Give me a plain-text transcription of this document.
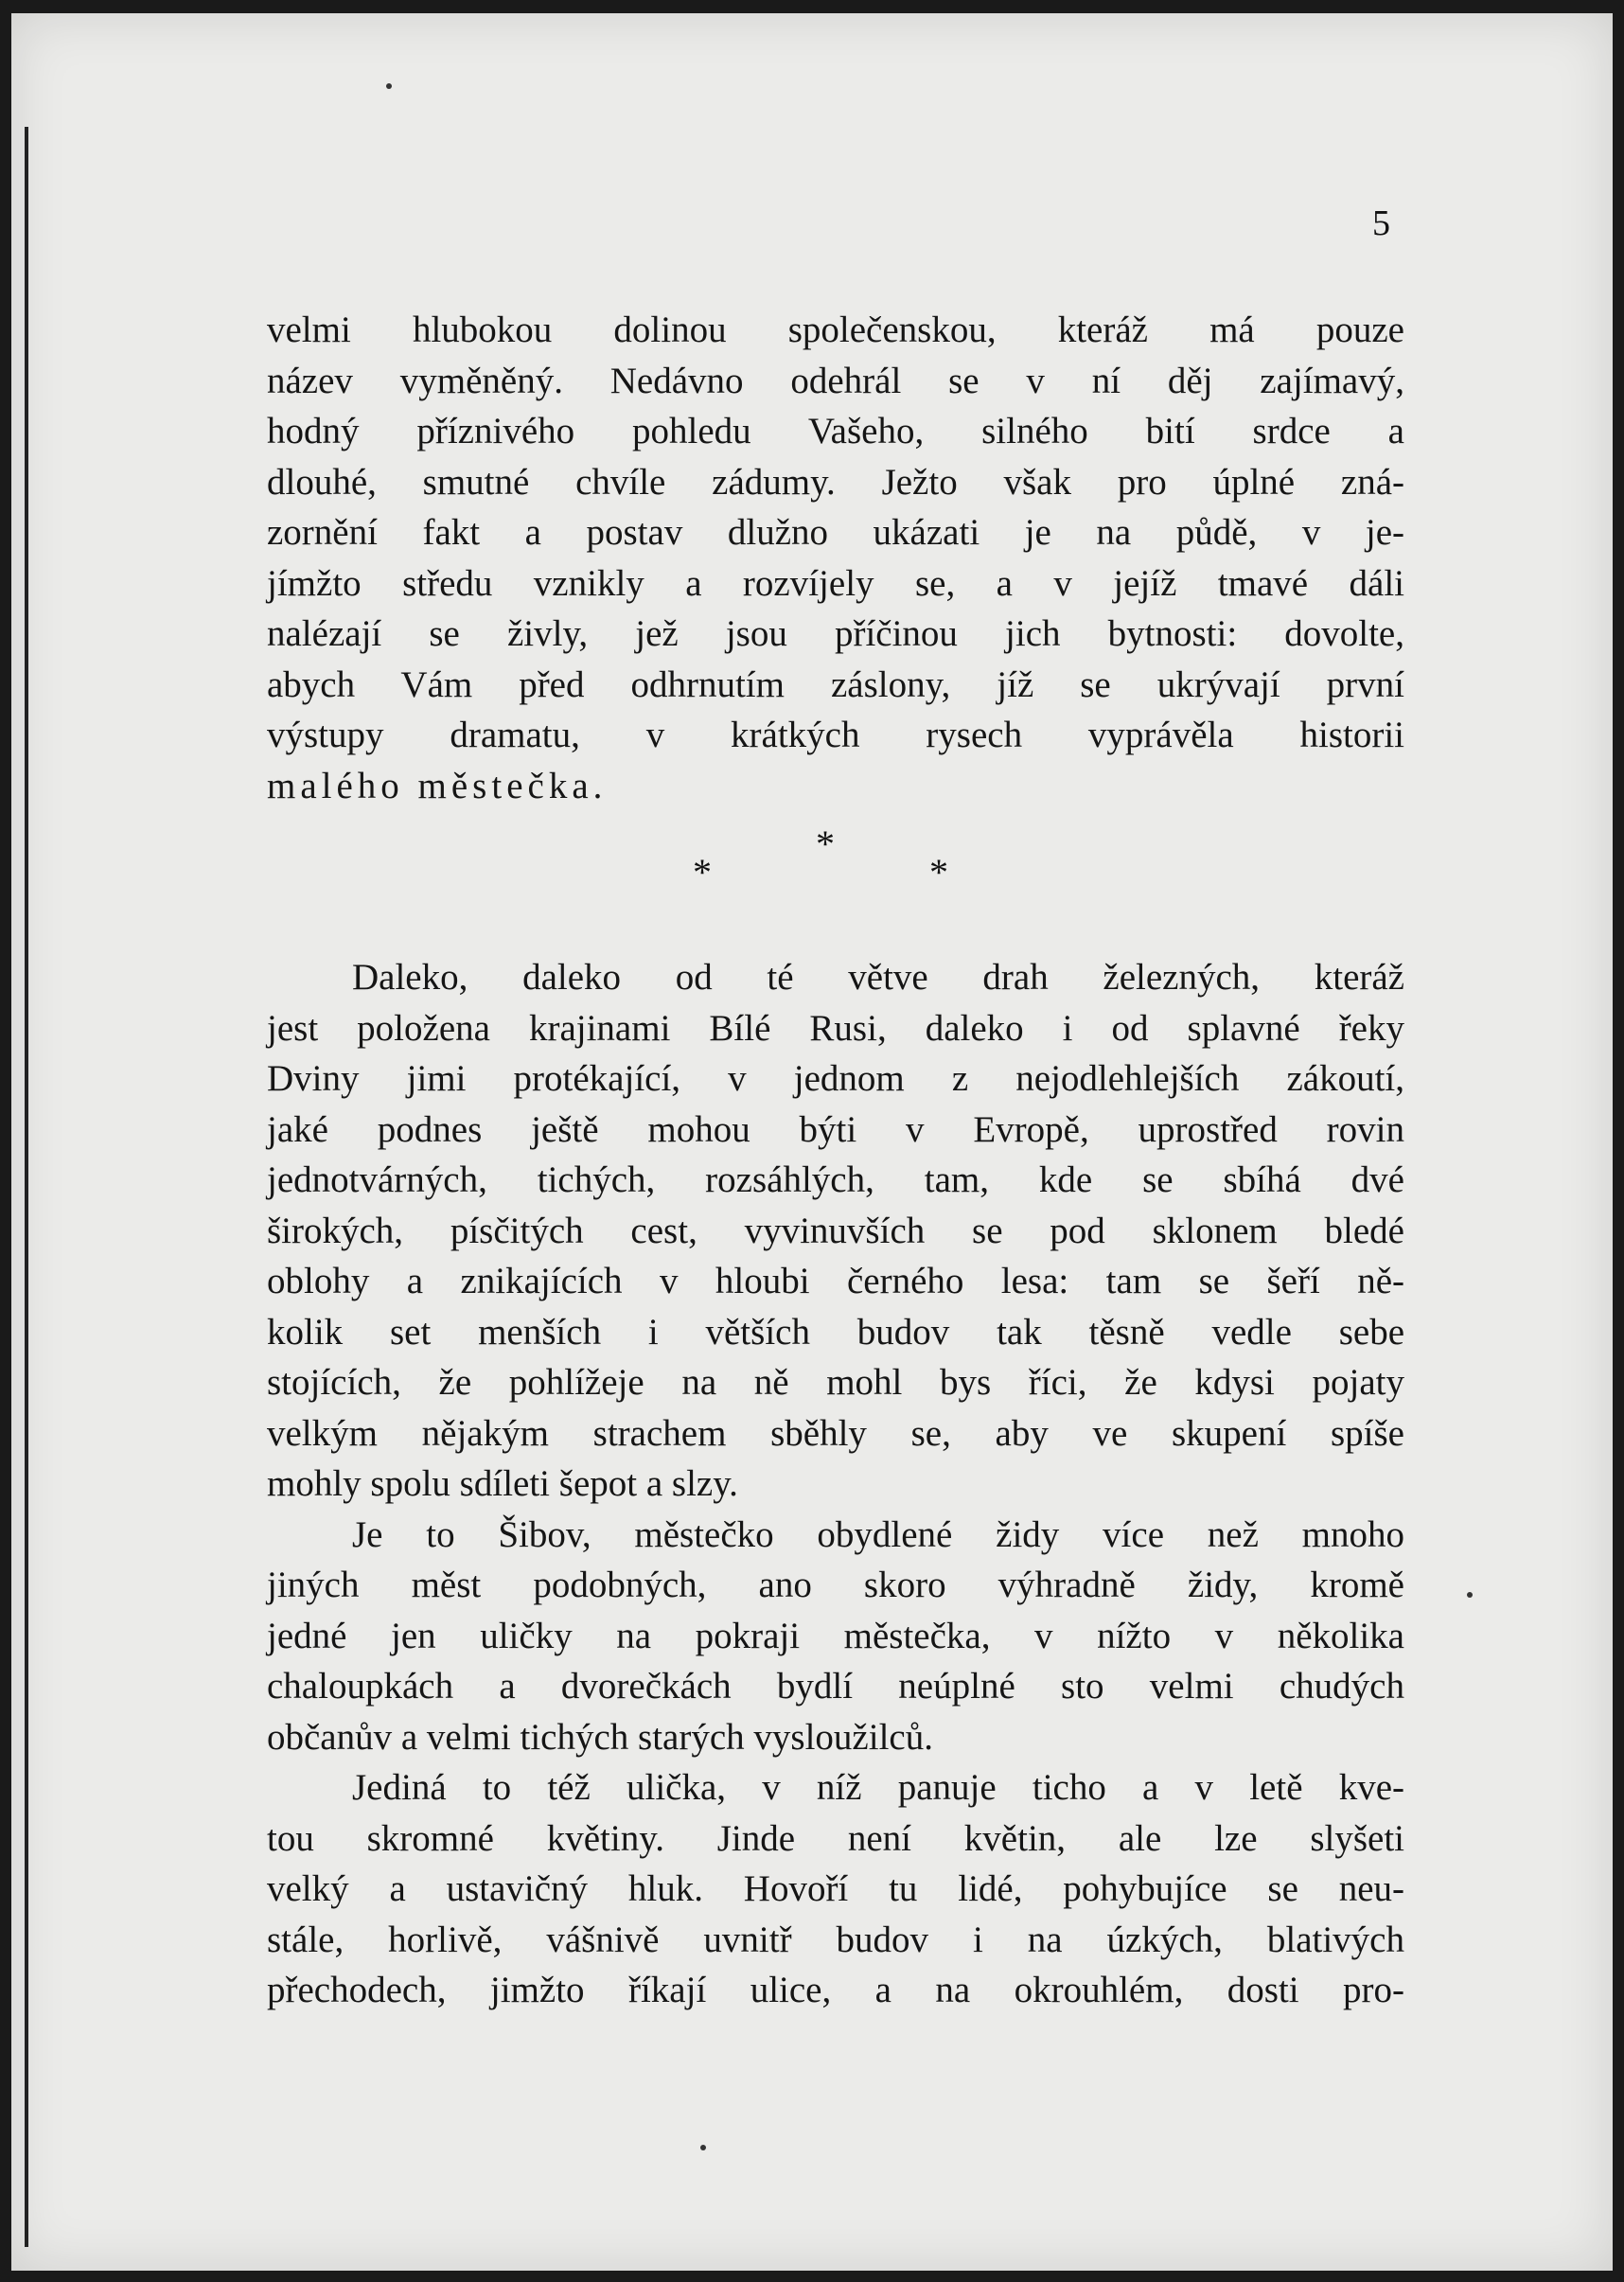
5
velmi hlubokou dolinou společenskou, kteráž má pouze
název vyměněný. Nedávno odehrál se v ní děj zajímavý,
hodný příznivého pohledu Vašeho, silného bití srdce a
dlouhé, smutné chvíle zádumy. Ježto však pro úplné zná-
zornění fakt a postav dlužno ukázati je na půdě, v je-
jímžto středu vznikly a rozvíjely se, a v jejíž tmavé dáli
nalézají se živly, jež jsou příčinou jich bytnosti: dovolte,
abych Vám před odhrnutím záslony, jíž se ukrývají první
výstupy dramatu, v krátkých rysech vyprávěla historii
malého městečka.
*
*
*
Daleko, daleko od té větve drah železných, kteráž
jest položena krajinami Bílé Rusi, daleko i od splavné řeky
Dviny jimi protékající, v jednom z nejodlehlejších zákoutí,
jaké podnes ještě mohou býti v Evropě, uprostřed rovin
jednotvárných, tichých, rozsáhlých, tam, kde se sbíhá dvé
širokých, písčitých cest, vyvinuvších se pod sklonem bledé
oblohy a znikajících v hloubi černého lesa: tam se šeří ně-
kolik set menších i větších budov tak těsně vedle sebe
stojících, že pohlížeje na ně mohl bys říci, že kdysi pojaty
velkým nějakým strachem sběhly se, aby ve skupení spíše
mohly spolu sdíleti šepot a slzy.
Je to Šibov, městečko obydlené židy více než mnoho
jiných měst podobných, ano skoro výhradně židy, kromě
jedné jen uličky na pokraji městečka, v nížto v několika
chaloupkách a dvorečkách bydlí neúplné sto velmi chudých
občanův a velmi tichých starých vysloužilců.
Jediná to též ulička, v níž panuje ticho a v letě kve-
tou skromné květiny. Jinde není květin, ale lze slyšeti
velký a ustavičný hluk. Hovoří tu lidé, pohybujíce se neu-
stále, horlivě, vášnivě uvnitř budov i na úzkých, blativých
přechodech, jimžto říkají ulice, a na okrouhlém, dosti pro-
